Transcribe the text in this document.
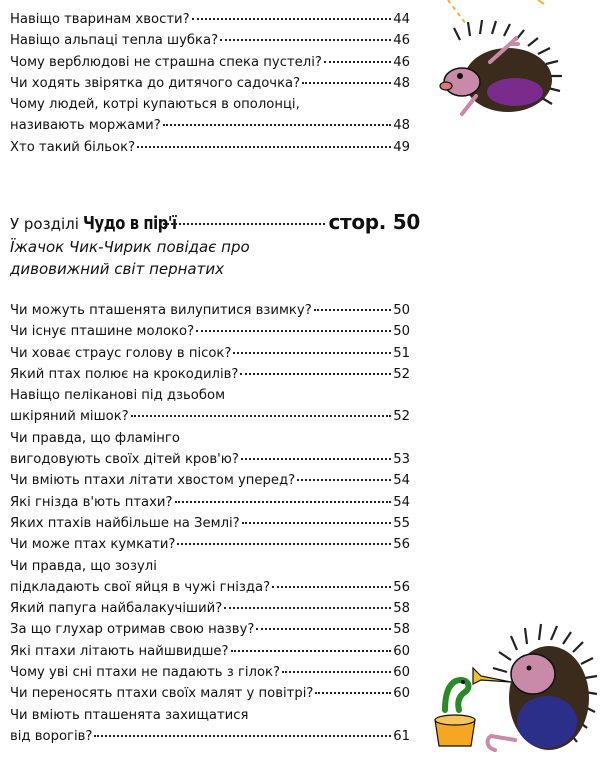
Навіщо тваринам хвости?	44
Навіщо альпаці тепла шубка?	46
Чому верблюдові не страшна спека пустелі?	46
Чи ходять звірятка до дитячого садочка?	48
Чому людей, котрі купаються в ополонці,
називають моржами?	48
Хто такий більок?	49
У розділі Чудо в пір'ї	стор. 50
Їжачок Чик-Чирик повідає про
дивовижний світ пернатих
Чи можуть пташенята вилупитися взимку?	50
Чи існує пташине молоко?	50
Чи ховає страус голову в пісок?	51
Який птах полює на крокодилів?	52
Навіщо пеліканові під дзьобом
шкіряний мішок?	52
Чи правда, що фламінго
вигодовують своїх дітей кров'ю?	53
Чи вміють птахи літати хвостом уперед?	54
Які гнізда в'ють птахи?	54
Яких птахів найбільше на Землі?	55
Чи може птах кумкати?	56
Чи правда, що зозулі
підкладають свої яйця в чужі гнізда?	56
Який папуга найбалакучіший?	58
За що глухар отримав свою назву?	58
Які птахи літають найшвидше?	60
Чому уві сні птахи не падають з гілок?	60
Чи переносять птахи своїх малят у повітрі?	60
Чи вміють пташенята захищатися
від ворогів?	61
